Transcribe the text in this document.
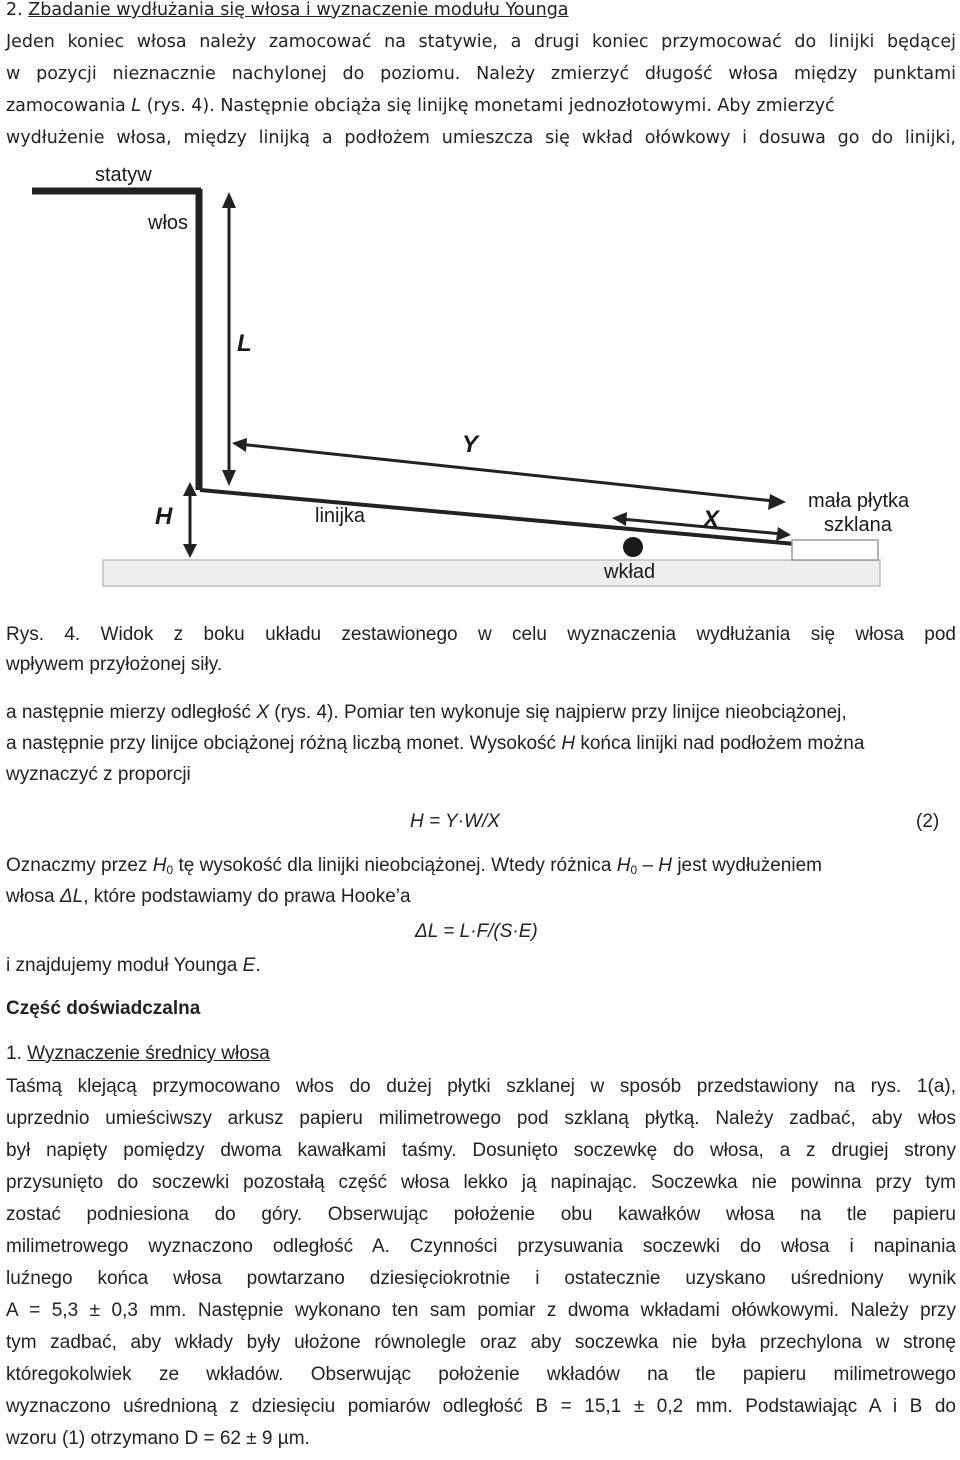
2. Zbadanie wydłużania się włosa i wyznaczenie modułu Younga
Jeden koniec włosa należy zamocować na statywie, a drugi koniec przymocować do linijki będącej
w pozycji nieznacznie nachylonej do poziomu. Należy zmierzyć długość włosa między punktami
zamocowania L (rys. 4). Następnie obciąża się linijkę monetami jednozłotowymi. Aby zmierzyć
wydłużenie włosa, między linijką a podłożem umieszcza się wkład ołówkowy i dosuwa go do linijki,
statyw
włos
L
Y
H	linijka	X
mała płytka
szklana
wkład
Rys. 4. Widok z boku układu zestawionego w celu wyznaczenia wydłużania się włosa pod
wpływem przyłożonej siły.
a następnie mierzy odległość X (rys. 4). Pomiar ten wykonuje się najpierw przy linijce nieobciążonej,
a następnie przy linijce obciążonej różną liczbą monet. Wysokość H końca linijki nad podłożem można
wyznaczyć z proporcji
H = Y·W/X	(2)
Oznaczmy przez $H_0$ tę wysokość dla linijki nieobciążonej. Wtedy różnica $H_0$ – H jest wydłużeniem
włosa ΔL, które podstawiamy do prawa Hooke’a
ΔL = L·F/(S·E)
i znajdujemy moduł Younga E.
Część doświadczalna
1. Wyznaczenie średnicy włosa
Taśmą klejącą przymocowano włos do dużej płytki szklanej w sposób przedstawiony na rys. 1(a),
uprzednio umieściwszy arkusz papieru milimetrowego pod szklaną płytką. Należy zadbać, aby włos
był napięty pomiędzy dwoma kawałkami taśmy. Dosunięto soczewkę do włosa, a z drugiej strony
przysunięto do soczewki pozostałą część włosa lekko ją napinając. Soczewka nie powinna przy tym
zostać podniesiona do góry. Obserwując położenie obu kawałków włosa na tle papieru
milimetrowego wyznaczono odległość A. Czynności przysuwania soczewki do włosa i napinania
luźnego końca włosa powtarzano dziesięciokrotnie i ostatecznie uzyskano uśredniony wynik
A = 5,3 ± 0,3 mm. Następnie wykonano ten sam pomiar z dwoma wkładami ołówkowymi. Należy przy
tym zadbać, aby wkłady były ułożone równolegle oraz aby soczewka nie była przechylona w stronę
któregokolwiek ze wkładów. Obserwując położenie wkładów na tle papieru milimetrowego
wyznaczono uśrednioną z dziesięciu pomiarów odległość B = 15,1 ± 0,2 mm. Podstawiając A i B do
wzoru (1) otrzymano D = 62 ± 9 µm.
